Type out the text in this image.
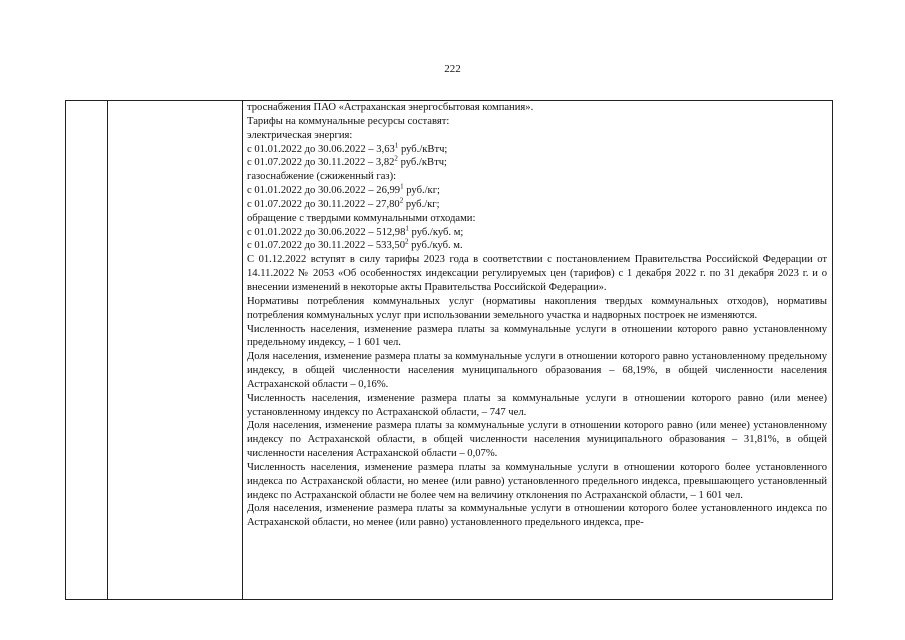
222

троснабжения ПАО «Астраханская энергосбытовая компания».

Тарифы на коммунальные ресурсы составят:

электрическая энергия:

с 01.01.2022 до 30.06.2022 – 3,63$^1$ руб./кВтч;

с 01.07.2022 до 30.11.2022 – 3,82$^2$ руб./кВтч;

газоснабжение (сжиженный газ):

с 01.01.2022 до 30.06.2022 – 26,99$^1$ руб./кг;

с 01.07.2022 до 30.11.2022 – 27,80$^2$ руб./кг;

обращение с твердыми коммунальными отходами:

с 01.01.2022 до 30.06.2022 – 512,98$^1$ руб./куб. м;

с 01.07.2022 до 30.11.2022 – 533,50$^2$ руб./куб. м.

С 01.12.2022 вступят в силу тарифы 2023 года в соответствии с постановлением Правительства Российской Федерации от 14.11.2022 № 2053 «Об особенностях индексации регулируемых цен (тарифов) с 1 декабря 2022 г. по 31 декабря 2023 г. и о внесении изменений в некоторые акты Правительства Российской Федерации».

Нормативы потребления коммунальных услуг (нормативы накопления твердых коммунальных отходов), нормативы потребления коммунальных услуг при использовании земельного участка и надворных построек не изменяются.

Численность населения, изменение размера платы за коммунальные услуги в отношении которого равно установленному предельному индексу, – 1 601 чел.

Доля населения, изменение размера платы за коммунальные услуги в отношении которого равно установленному предельному индексу, в общей численности населения муниципального образования – 68,19%, в общей численности населения Астраханской области – 0,16%.

Численность населения, изменение размера платы за коммунальные услуги в отношении которого равно (или менее) установленному индексу по Астраханской области, – 747 чел.

Доля населения, изменение размера платы за коммунальные услуги в отношении которого равно (или менее) установленному индексу по Астраханской области, в общей численности населения муниципального образования – 31,81%, в общей численности населения Астраханской области – 0,07%.

Численность населения, изменение размера платы за коммунальные услуги в отношении которого более установленного индекса по Астраханской области, но менее (или равно) установленного предельного индекса, превышающего установленный индекс по Астраханской области не более чем на величину отклонения по Астраханской области, – 1 601 чел.

Доля населения, изменение размера платы за коммунальные услуги в отношении которого более установленного индекса по Астраханской области, но менее (или равно) установленного предельного индекса, пре-
